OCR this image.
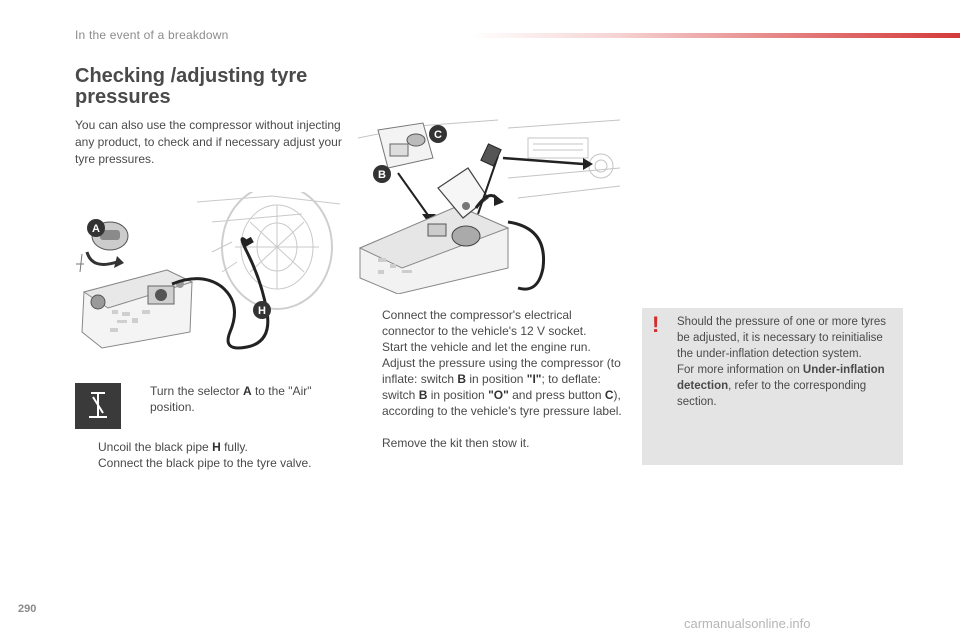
In the event of a breakdown
Checking /adjusting tyre pressures
You can also use the compressor without injecting any product, to check and if necessary adjust your tyre pressures.
A
H
C
B
Turn the selector A to the "Air" position.
Uncoil the black pipe H fully.
Connect the black pipe to the tyre valve.
Connect the compressor's electrical connector to the vehicle's 12 V socket.
Start the vehicle and let the engine run.
Adjust the pressure using the compressor (to inflate: switch B in position "I"; to deflate: switch B in position "O" and press button C), according to the vehicle's tyre pressure label.
Remove the kit then stow it.
! Should the pressure of one or more tyres be adjusted, it is necessary to reinitialise the under-inflation detection system.
For more information on Under-inflation detection, refer to the corresponding section.
290
carmanualsonline.info
